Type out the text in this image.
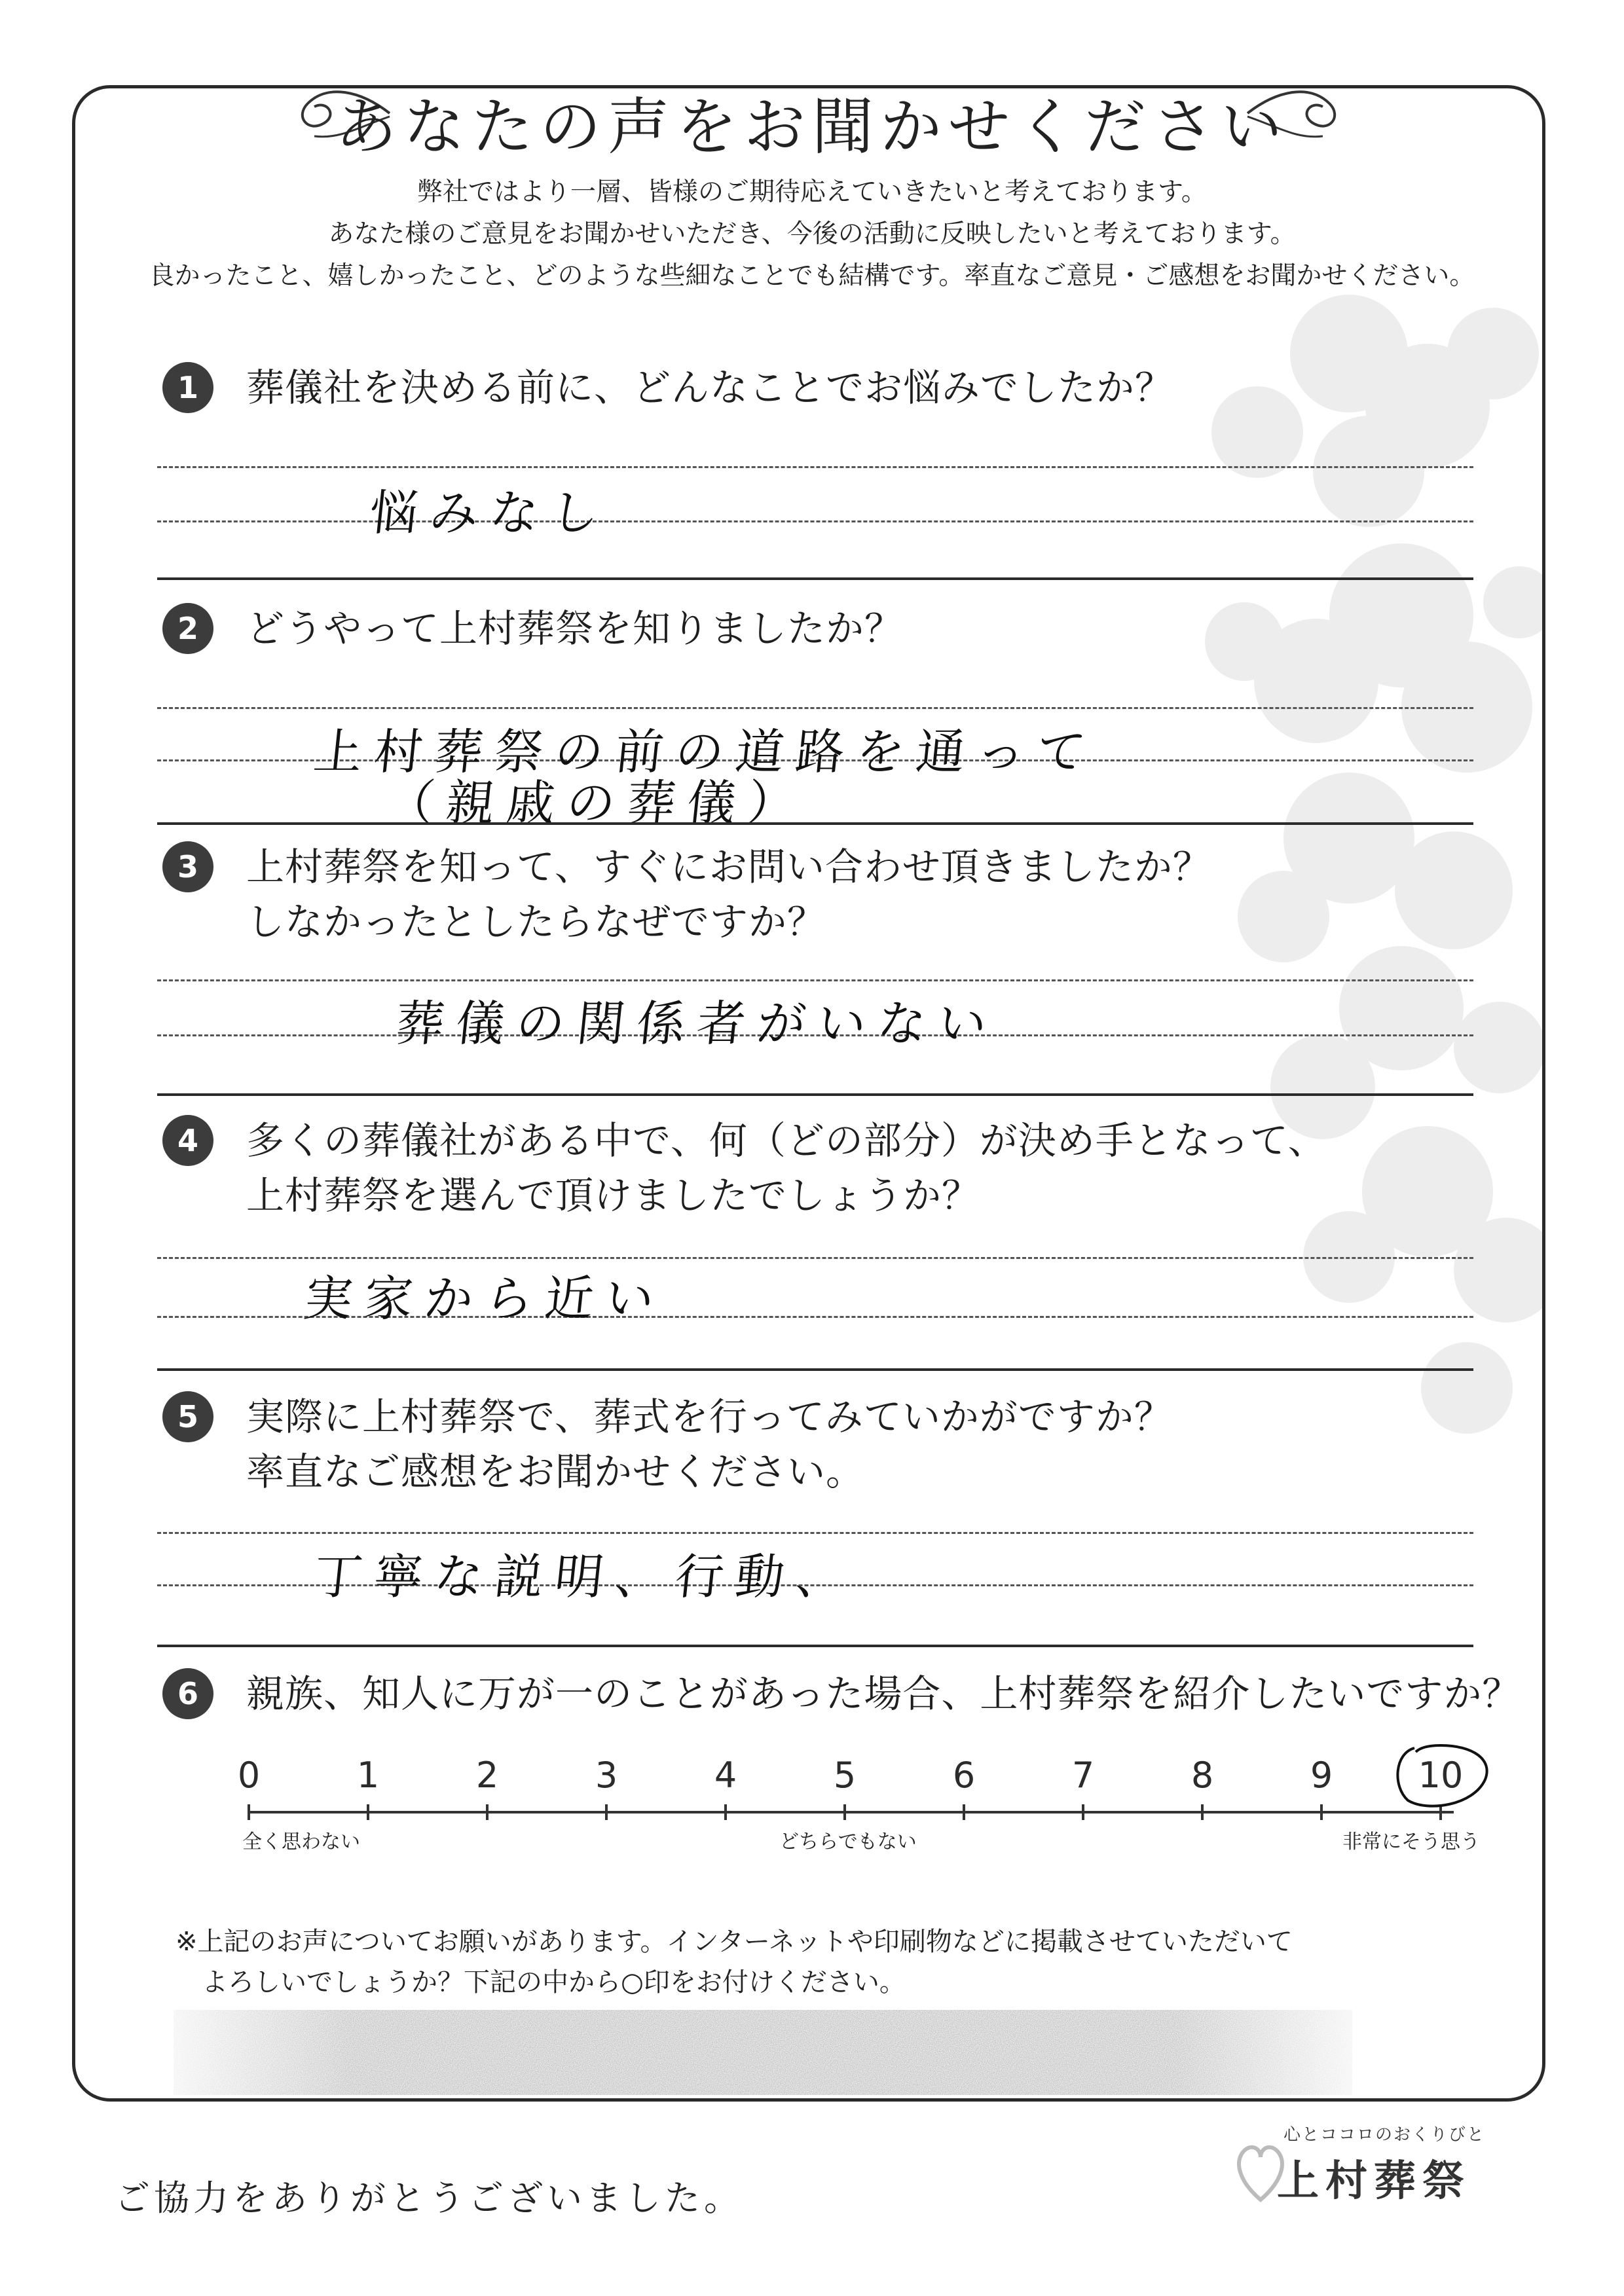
あなたの声をお聞かせください
弊社ではより一層、皆様のご期待応えていきたいと考えております。
あなた様のご意見をお聞かせいただき、今後の活動に反映したいと考えております。
良かったこと、嬉しかったこと、どのような些細なことでも結構です。率直なご意見・ご感想をお聞かせください。
1	葬儀社を決める前に、どんなことでお悩みでしたか？
悩みなし
2	どうやって上村葬祭を知りましたか？
上村葬祭の前の道路を通って
（親戚の葬儀）
3	上村葬祭を知って、すぐにお問い合わせ頂きましたか？
しなかったとしたらなぜですか？
葬儀の関係者がいない
4	多くの葬儀社がある中で、何（どの部分）が決め手となって、
上村葬祭を選んで頂けましたでしょうか？
実家から近い
5	実際に上村葬祭で、葬式を行ってみていかがですか？
率直なご感想をお聞かせください。
丁寧な説明、行動、
6	親族、知人に万が一のことがあった場合、上村葬祭を紹介したいですか？
0	1	2	3	4	5	6	7	8	9	10
全く思わない	どちらでもない	非常にそう思う
※上記のお声についてお願いがあります。インターネットや印刷物などに掲載させていただいて
よろしいでしょうか？下記の中から○印をお付けください。
ご協力をありがとうございました。
心とココロのおくりびと
上村葬祭
